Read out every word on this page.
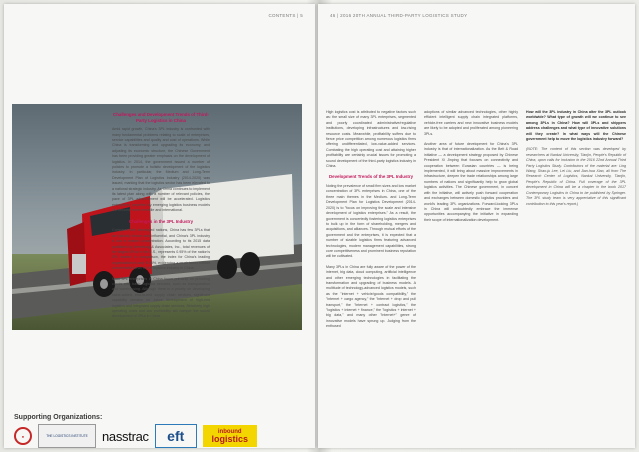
CONTENTS | 5
Challenges and Development Trends of Third-Party Logistics in China

Amid rapid growth, China's 3PL industry is confronted with many fundamental problems relating to scale of enterprises, service capabilities and quality and cost of operations. While China is transforming and upgrading its economy, and adjusting its economic structure, the Chinese Government has been providing greater emphasis on the development of logistics. In 2014, the government issued a number of policies to promote a holistic development of the logistics industry. In particular, the Medium and Long-Term Development Plan of Logistics Industry (2014-2020) was issued, marking that the logistics sector has been elevated to a national strategic industry. As China continues to implement its latest plan along with a number of relevant policies, the pace of 3PL advancement will be accelerated. Logistics enterprises, propelled by emerging logistics business models will become more versatile and international.

Challenges in the 3PL Industry

Compared with developed nations, China has few 3PLs that are globally known and influential, and China's 3PL industry is low in market concentration. According to its 2015 data published by Armstrong & Associates, Inc., total revenues of the largest 3PLs in the U.S., represents 0.95% of the nation's 3PL market. In comparison, the index for China's leading organisations is only 0.45%, evidencing a much lower market concentration level of the logistics industry in China.

Most 3PL enterprises in China focus primarily on providing clients with basic logistics services, such as transportation and warehousing. Although there is a priority on developing value-added, end-to-end supply chain services, significant capability remains for future development of high-end logistics and integrated supply chain services. Relatively high operating costs and low profitability still hamper the sound development of 3PLs in China.

Supporting Organizations:
●	THE LOGISTICS INSTITUTE	nasstrac	eft	inbound
logistics
46 | 2016 20TH ANNUAL THIRD-PARTY LOGISTICS STUDY

High logistics cost is attributed to negative factors such as: the small size of many 3PL enterprises, segmented and poorly coordinated administrative/regulative institutions, developing infrastructures and low-rising resource costs. Meanwhile, profitability suffers due to fierce price competition among numerous logistics firms offering undifferentiated, low-value-added services. Combating the high operating cost and attaining higher profitability are certainly crucial issues for promoting a sound development of the third-party logistics industry in China.

Development Trends of the 3PL Industry

Noting the prevalence of small firm sizes and low market concentration of 3PL enterprises in China, one of the three main themes in the Medium- and Long-Term Development Plan for Logistics Development (2014-2020) is to "focus on improving the scale and intensive development of logistics enterprises." As a result, the government is concertedly fostering logistics enterprises to bulk up in the form of shareholding, mergers and acquisitions, and alliances. Through mutual efforts of the government and the enterprises, it is expected that a number of sizable logistics firms featuring advanced technologies, modern management capabilities, strong core competitiveness and prominent business reputation will be cultivated.

Many 3PLs in China are fully aware of the power of the internet, big data, cloud computing, artificial intelligence and other emerging technologies in facilitating the transformation and upgrading of business models. A multitude of technology-advanced logistics models, such as the "internet + vehicle/goods compatibility," the "internet + cargo agency," the "internet + drop and pull transport," the "internet + contract logistics," the "logistics + internet + finance," the "logistics + internet + big data," and many other "internet+" genre of innovative models have sprung up. Judging from the enthused

adoptions of similar advanced technologies, other highly efficient intelligent supply chain integrated platforms, vehicle-free carriers and new innovative business models are likely to be adopted and proliferated among pioneering 3PLs.

Another area of future development for China's 3PL industry is that of internationalization. As the Belt & Road initiative — a development strategy proposed by Chinese President Xi Jinping that focuses on connectivity and cooperation between Eurasian countries — is being implemented, it will bring about massive improvements in infrastructure, deepen the trade relationships among large numbers of nations and significantly help to grow global logistics activities. The Chinese government, in concert with the initiative, will actively push forward cooperation and exchanges between domestic logistics providers and world's leading 3PL organizations. Forward-looking 3PLs in China will undoubtedly embrace the immense opportunities accompanying the initiative in expanding their scope of internationalization development.

How will the 3PL industry in China alter the 3PL outlook worldwide? What type of growth will we continue to see among 3PLs in China? How will 3PLs and shippers address challenges and what type of innovative solutions will they create? In what ways will the Chinese government help to move the logistics industry forward?

(NOTE: The content of this section was developed by researchers at Nankai University, Tianjin, People's Republic of China, upon calls for inclusion in the 2016 22nd Annual Third Party Logistics Study. Contributors of the material are: Ling Wang, Shao-ju Lee, Lei Liu, and Jian-hua Xiao, all from The Research Center of Logistics, Nankai University, Tianjin, People's Republic of China. Full coverage of the 3PL development in China will be a chapter in the book 2017 Contemporary Logistics in China to be published by Springer. The 3PL study team is very appreciative of this significant contribution to this year's report.)
